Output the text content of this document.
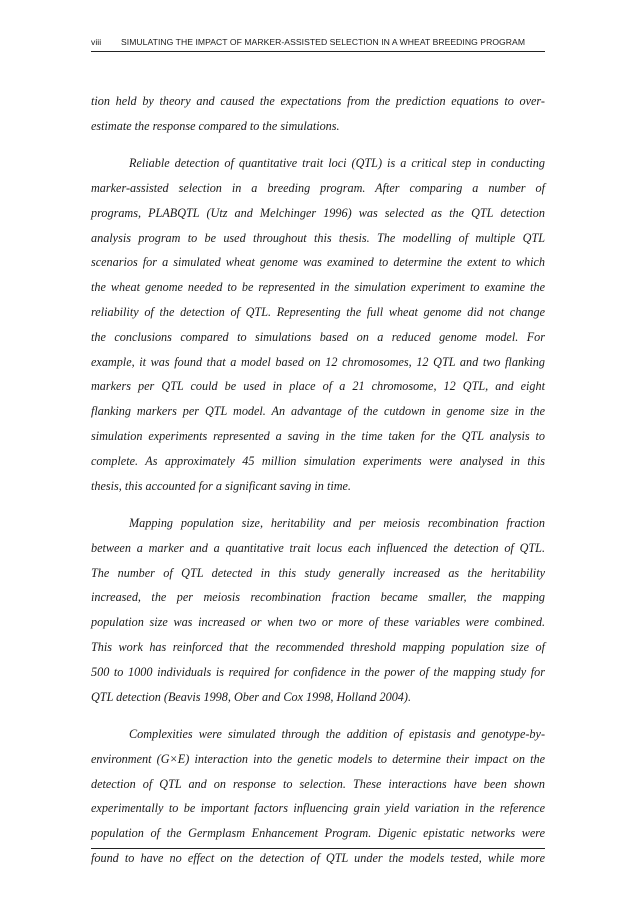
viii SIMULATING THE IMPACT OF MARKER-ASSISTED SELECTION IN A WHEAT BREEDING PROGRAM
tion held by theory and caused the expectations from the prediction equations to over-
estimate the response compared to the simulations.
Reliable detection of quantitative trait loci (QTL) is a critical step in conducting
marker-assisted selection in a breeding program. After comparing a number of
programs, PLABQTL (Utz and Melchinger 1996) was selected as the QTL detection
analysis program to be used throughout this thesis. The modelling of multiple QTL
scenarios for a simulated wheat genome was examined to determine the extent to which
the wheat genome needed to be represented in the simulation experiment to examine the
reliability of the detection of QTL. Representing the full wheat genome did not change
the conclusions compared to simulations based on a reduced genome model. For
example, it was found that a model based on 12 chromosomes, 12 QTL and two flanking
markers per QTL could be used in place of a 21 chromosome, 12 QTL, and eight
flanking markers per QTL model. An advantage of the cutdown in genome size in the
simulation experiments represented a saving in the time taken for the QTL analysis to
complete. As approximately 45 million simulation experiments were analysed in this
thesis, this accounted for a significant saving in time.
Mapping population size, heritability and per meiosis recombination fraction
between a marker and a quantitative trait locus each influenced the detection of QTL.
The number of QTL detected in this study generally increased as the heritability
increased, the per meiosis recombination fraction became smaller, the mapping
population size was increased or when two or more of these variables were combined.
This work has reinforced that the recommended threshold mapping population size of
500 to 1000 individuals is required for confidence in the power of the mapping study for
QTL detection (Beavis 1998, Ober and Cox 1998, Holland 2004).
Complexities were simulated through the addition of epistasis and genotype-by-
environment (G×E) interaction into the genetic models to determine their impact on the
detection of QTL and on response to selection. These interactions have been shown
experimentally to be important factors influencing grain yield variation in the reference
population of the Germplasm Enhancement Program. Digenic epistatic networks were
found to have no effect on the detection of QTL under the models tested, while more
